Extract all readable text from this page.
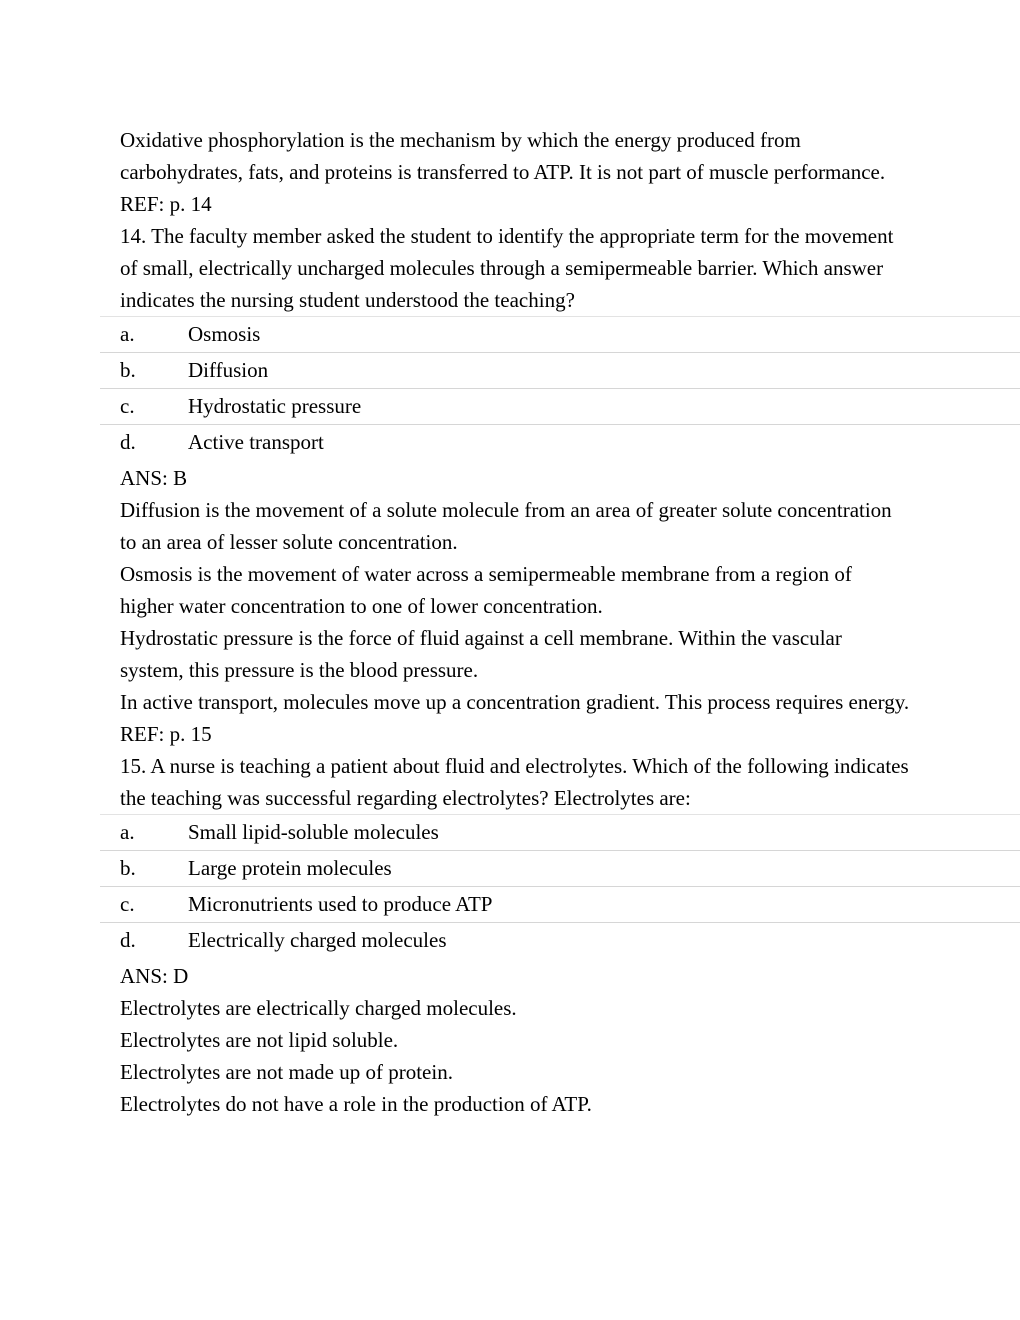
Oxidative phosphorylation is the mechanism by which the energy produced from carbohydrates, fats, and proteins is transferred to ATP. It is not part of muscle performance.

REF: p. 14

14. The faculty member asked the student to identify the appropriate term for the movement of small, electrically uncharged molecules through a semipermeable barrier. Which answer indicates the nursing student understood the teaching?

a.	Osmosis
b.	Diffusion
c.	Hydrostatic pressure
d.	Active transport

ANS: B

Diffusion is the movement of a solute molecule from an area of greater solute concentration to an area of lesser solute concentration.

Osmosis is the movement of water across a semipermeable membrane from a region of higher water concentration to one of lower concentration.

Hydrostatic pressure is the force of fluid against a cell membrane. Within the vascular system, this pressure is the blood pressure.

In active transport, molecules move up a concentration gradient. This process requires energy.

REF: p. 15

15. A nurse is teaching a patient about fluid and electrolytes. Which of the following indicates the teaching was successful regarding electrolytes? Electrolytes are:

a.	Small lipid-soluble molecules
b.	Large protein molecules
c.	Micronutrients used to produce ATP
d.	Electrically charged molecules

ANS: D

Electrolytes are electrically charged molecules.

Electrolytes are not lipid soluble.

Electrolytes are not made up of protein.

Electrolytes do not have a role in the production of ATP.
